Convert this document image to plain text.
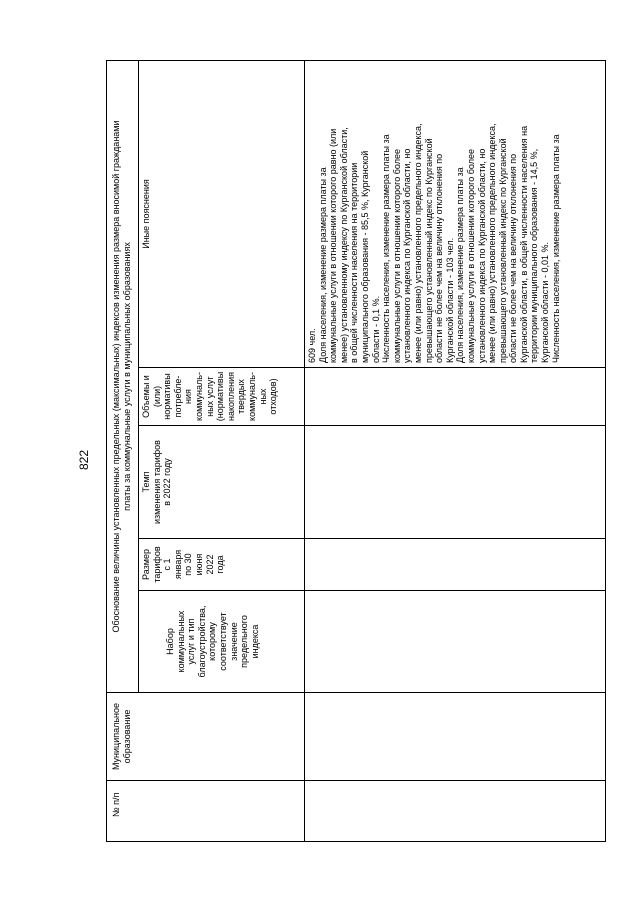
822
№ п/п
Муниципальное образование
Обоснование величины установленных предельных (максимальных) индексов изменения размера вносимой гражданами платы за коммунальные услуги в муниципальных образованиях
Набор коммунальных услуг и тип благоустройства, которому соответствует значение предельного индекса
Размер тарифов с 1 января по 30 июня 2022 года
Темп изменения тарифов в 2022 году
Объемы и (или) нормативы потребле- ния коммуналь- ных услуг (нормативы накопления твердых коммуналь- ных отходов)
Иные пояснения
609 чел. Доля населения, изменение размера платы за коммунальные услуги в отношении которого равно (или менее) установленному индексу по Курганской области, в общей численности населения на территории муниципального образования - 85,5 %, Курганской области - 0,1 %. Численность населения, изменение размера платы за коммунальные услуги в отношении которого более установленного индекса по Курганской области, но менее (или равно) установленного предельного индекса, превышающего установленный индекс по Курганской области не более чем на величину отклонения по Курганской области - 103 чел. Доля населения, изменение размера платы за коммунальные услуги в отношении которого более установленного индекса по Курганской области, но менее (или равно) установленного предельного индекса, превышающего установленный индекс по Курганской области не более чем на величину отклонения по Курганской области, в общей численности населения на территории муниципального образования - 14,5 %, Курганской области - 0,01 %. Численность населения, изменение размера платы за
